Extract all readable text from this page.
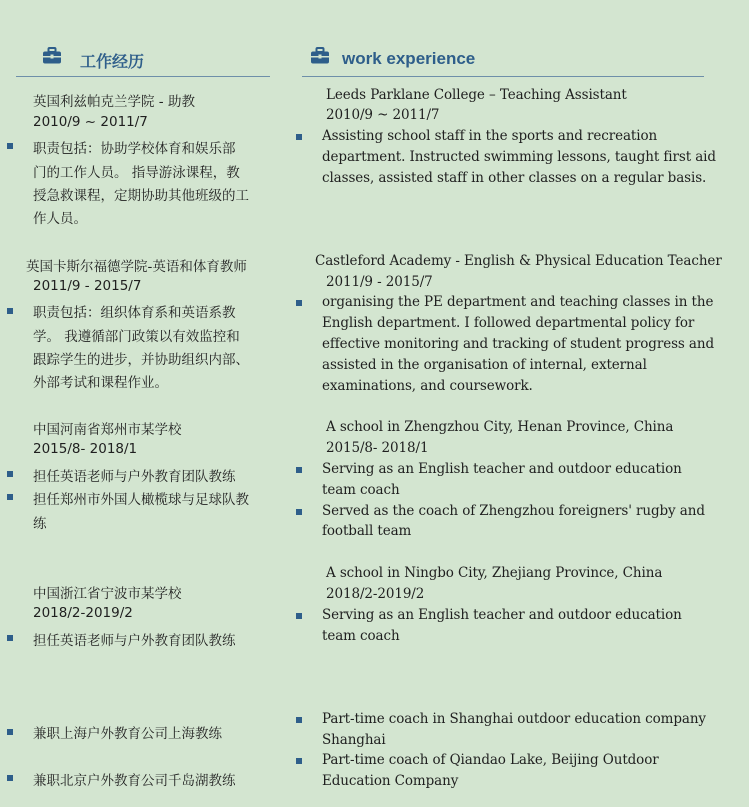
工作经历	work experience
英国利兹帕克兰学院 - 助教
2010/9 ~ 2011/7
职责包括：协助学校体育和娱乐部
门的工作人员。 指导游泳课程，教
授急救课程，定期协助其他班级的工
作人员。
英国卡斯尔福德学院-英语和体育教师
2011/9 - 2015/7
职责包括：组织体育系和英语系教
学。 我遵循部门政策以有效监控和
跟踪学生的进步，并协助组织内部、
外部考试和课程作业。
中国河南省郑州市某学校
2015/8- 2018/1
担任英语老师与户外教育团队教练
担任郑州市外国人橄榄球与足球队教
练
中国浙江省宁波市某学校
2018/2-2019/2
担任英语老师与户外教育团队教练
兼职上海户外教育公司上海教练
兼职北京户外教育公司千岛湖教练
Leeds Parklane College – Teaching Assistant
2010/9 ~ 2011/7
Assisting school staff in the sports and recreation
department. Instructed swimming lessons, taught first aid
classes, assisted staff in other classes on a regular basis.
Castleford Academy - English & Physical Education Teacher
2011/9 - 2015/7
organising the PE department and teaching classes in the
English department. I followed departmental policy for
effective monitoring and tracking of student progress and
assisted in the organisation of internal, external
examinations, and coursework.
A school in Zhengzhou City, Henan Province, China
2015/8- 2018/1
Serving as an English teacher and outdoor education
team coach
Served as the coach of Zhengzhou foreigners' rugby and
football team
A school in Ningbo City, Zhejiang Province, China
2018/2-2019/2
Serving as an English teacher and outdoor education
team coach
Part-time coach in Shanghai outdoor education company
Shanghai
Part-time coach of Qiandao Lake, Beijing Outdoor
Education Company
